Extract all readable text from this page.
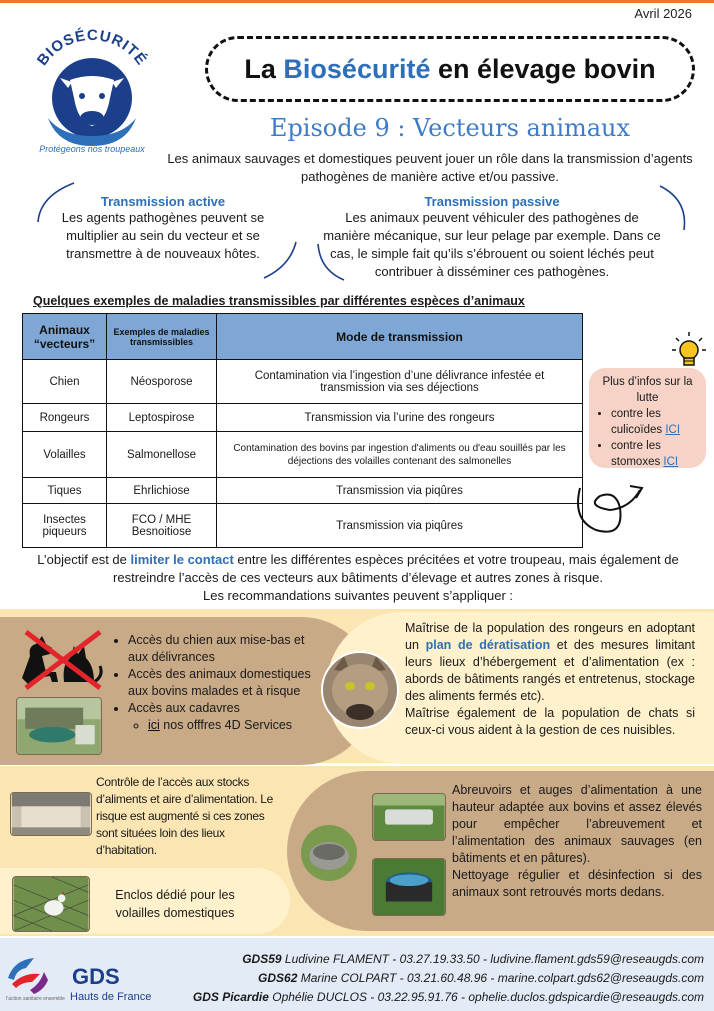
Avril 2026
BIOSÉCURITÉ
Protégeons nos troupeaux
La
Biosécurité
en élevage bovin
Episode 9 : Vecteurs animaux
Les animaux sauvages et domestiques peuvent jouer un rôle dans la transmission d’agents pathogènes de manière active et/ou passive.
Transmission active
Les agents pathogènes peuvent se multiplier au sein du vecteur et se transmettre à de nouveaux hôtes.
Transmission passive
Les animaux peuvent véhiculer des pathogènes de manière mécanique, sur leur pelage par exemple. Dans ce cas, le simple fait qu’ils s’ébrouent ou soient léchés peut contribuer à disséminer ces pathogènes.
Quelques exemples de maladies transmissibles par différentes espèces d’animaux
Animaux “vecteurs”	Exemples de maladies transmissibles	Mode de transmission
Chien	Néosporose	Contamination via l’ingestion d’une délivrance infestée et transmission via ses déjections
Rongeurs	Leptospirose	Transmission via l’urine des rongeurs
Volailles	Salmonellose	Contamination des bovins par ingestion d'aliments ou d'eau souillés par les déjections des volailles contenant des salmonelles
Tiques	Ehrlichiose	Transmission via piqûres
Insectes piqueurs	FCO / MHE Besnoitiose	Transmission via piqûres
Plus d’infos sur la lutte
• contre les culicoïdes ICI
• contre les stomoxes ICI
L’objectif est de limiter le contact entre les différentes espèces précitées et votre troupeau, mais également de restreindre l’accès de ces vecteurs aux bâtiments d’élevage et autres zones à risque.
Les recommandations suivantes peuvent s’appliquer :
• Accès du chien aux mise-bas et aux délivrances
• Accès des animaux domestiques aux bovins malades et à risque
• Accès aux cadavres
◦ ici nos offfres 4D Services
Maîtrise de la population des rongeurs en adoptant un plan de dératisation et des mesures limitant leurs lieux d’hébergement et d’alimentation (ex : abords de bâtiments rangés et entretenus, stockage des aliments fermés etc).
Maîtrise également de la population de chats si ceux-ci vous aident à la gestion de ces nuisibles.
Contrôle de l’accès aux stocks d’aliments et aire d’alimentation. Le risque est augmenté si ces zones sont situées loin des lieux d’habitation.
Abreuvoirs et auges d’alimentation à une hauteur adaptée aux bovins et assez élevés pour empêcher l’abreuvement et l’alimentation des animaux sauvages (en bâtiments et en pâtures).
Nettoyage régulier et désinfection si des animaux sont retrouvés morts dedans.
Enclos dédié pour les volailles domestiques
GDS
Hauts de France
l’action sanitaire ensemble
GDS59 Ludivine FLAMENT - 03.27.19.33.50 - ludivine.flament.gds59@reseaugds.com
GDS62 Marine COLPART - 03.21.60.48.96 - marine.colpart.gds62@reseaugds.com
GDS Picardie Ophélie DUCLOS - 03.22.95.91.76 - ophelie.duclos.gdspicardie@reseaugds.com
